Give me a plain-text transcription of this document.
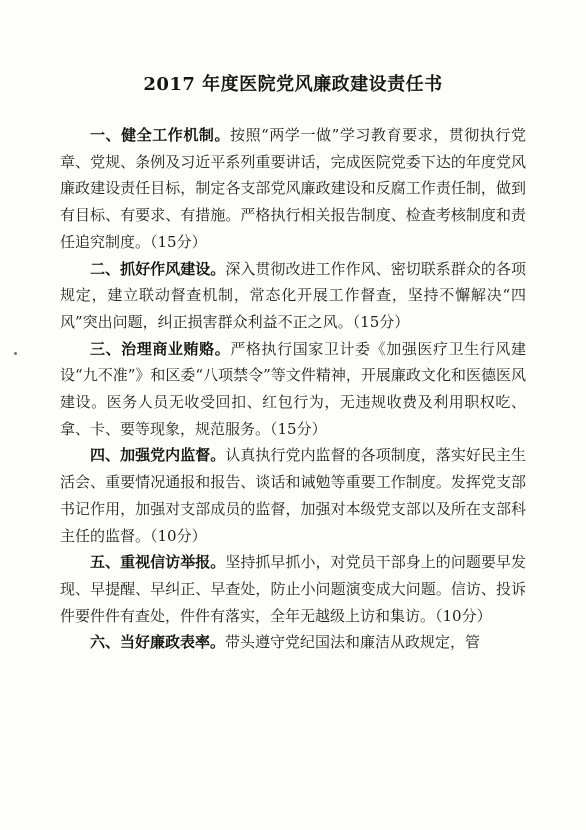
2017 年度医院党风廉政建设责任书

一、健全工作机制。按照“两学一做”学习教育要求，贯彻执行党章、党规、条例及习近平系列重要讲话，完成医院党委下达的年度党风廉政建设责任目标，制定各支部党风廉政建设和反腐工作责任制，做到有目标、有要求、有措施。严格执行相关报告制度、检查考核制度和责任追究制度。（15分）

二、抓好作风建设。深入贯彻改进工作作风、密切联系群众的各项规定，建立联动督查机制，常态化开展工作督查，坚持不懈解决“四风”突出问题，纠正损害群众利益不正之风。（15分）

三、治理商业贿赂。严格执行国家卫计委《加强医疗卫生行风建设“九不准”》和区委“八项禁令”等文件精神，开展廉政文化和医德医风建设。医务人员无收受回扣、红包行为，无违规收费及利用职权吃、拿、卡、要等现象，规范服务。（15分）

四、加强党内监督。认真执行党内监督的各项制度，落实好民主生活会、重要情况通报和报告、谈话和诫勉等重要工作制度。发挥党支部书记作用，加强对支部成员的监督，加强对本级党支部以及所在支部科主任的监督。（10分）

五、重视信访举报。坚持抓早抓小，对党员干部身上的问题要早发现、早提醒、早纠正、早查处，防止小问题演变成大问题。信访、投诉件要件件有查处，件件有落实，全年无越级上访和集访。（10分）

六、当好廉政表率。带头遵守党纪国法和廉洁从政规定，管
